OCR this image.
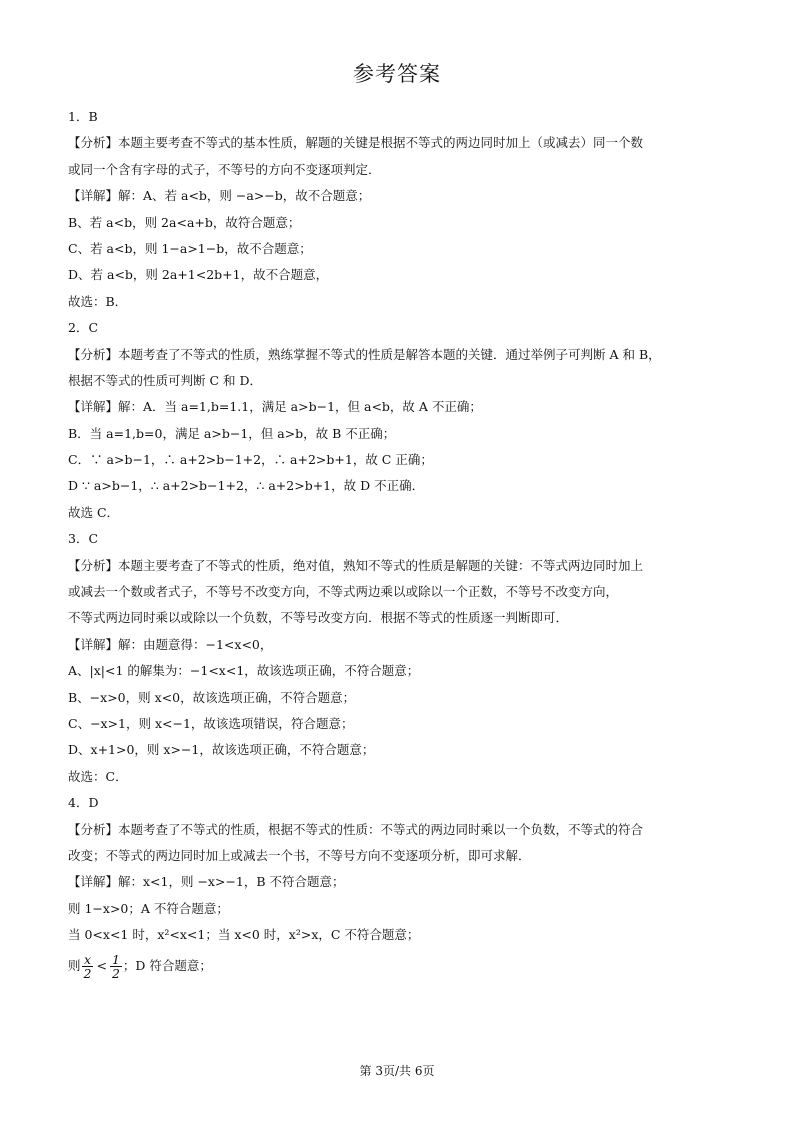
参考答案
1．B
【分析】本题主要考查不等式的基本性质，解题的关键是根据不等式的两边同时加上（或减去）同一个数
或同一个含有字母的式子，不等号的方向不变逐项判定．
【详解】解：A、若 a<b，则 −a>−b，故不合题意；
B、若 a<b，则 2a<a+b，故符合题意；
C、若 a<b，则 1−a>1−b，故不合题意；
D、若 a<b，则 2a+1<2b+1，故不合题意，
故选：B．
2．C
【分析】本题考查了不等式的性质，熟练掌握不等式的性质是解答本题的关键．通过举例子可判断 A 和 B，
根据不等式的性质可判断 C 和 D．
【详解】解：A．当 a=1,b=1.1，满足 a>b−1，但 a<b，故 A 不正确；
B．当 a=1,b=0，满足 a>b−1，但 a>b，故 B 不正确；
C．∵ a>b−1，∴ a+2>b−1+2，∴ a+2>b+1，故 C 正确；
D ∵ a>b−1，∴ a+2>b−1+2，∴ a+2>b+1，故 D 不正确．
故选 C．
3．C
【分析】本题主要考查了不等式的性质，绝对值，熟知不等式的性质是解题的关键：不等式两边同时加上
或减去一个数或者式子，不等号不改变方向，不等式两边乘以或除以一个正数，不等号不改变方向，
不等式两边同时乘以或除以一个负数，不等号改变方向．根据不等式的性质逐一判断即可．
【详解】解：由题意得：−1<x<0，
A、|x|<1 的解集为：−1<x<1，故该选项正确，不符合题意；
B、−x>0，则 x<0，故该选项正确，不符合题意；
C、−x>1，则 x<−1，故该选项错误，符合题意；
D、x+1>0，则 x>−1，故该选项正确，不符合题意；
故选：C．
4．D
【分析】本题考查了不等式的性质，根据不等式的性质：不等式的两边同时乘以一个负数，不等式的符合
改变；不等式的两边同时加上或减去一个书，不等号方向不变逐项分析，即可求解．
【详解】解：x<1，则 −x>−1，B 不符合题意；
则 1−x>0；A 不符合题意；
当 0<x<1 时，x²<x<1；当 x<0 时，x²>x，C 不符合题意；
则 $\frac{x}{2} < \frac{1}{2}$ ；D 符合题意；
第 3页/共 6页
